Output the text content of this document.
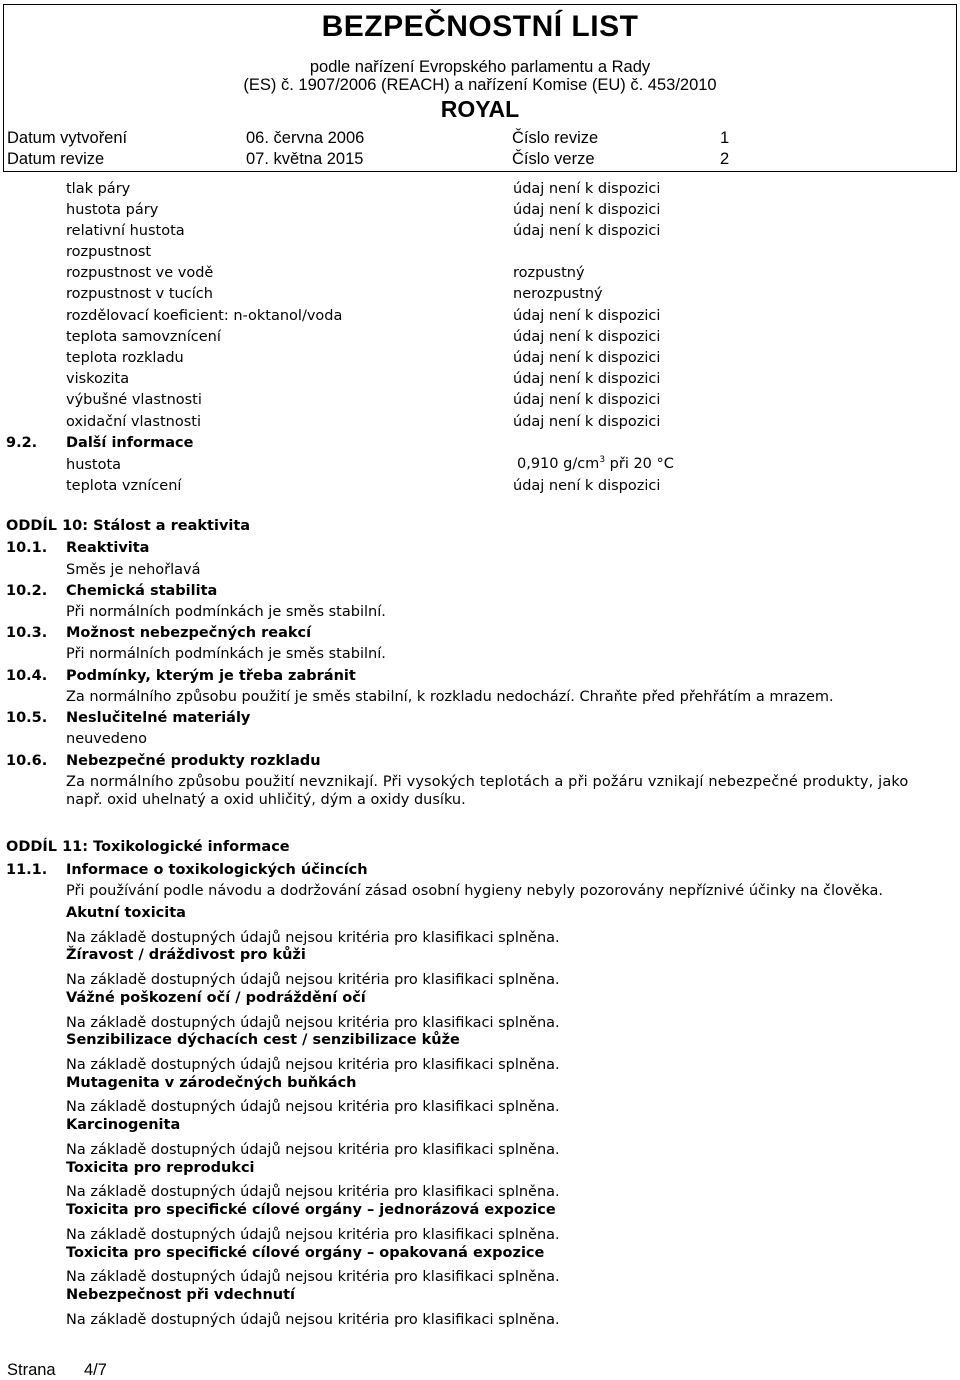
BEZPEČNOSTNÍ LIST
podle nařízení Evropského parlamentu a Rady
(ES) č. 1907/2006 (REACH) a nařízení Komise (EU) č. 453/2010
ROYAL
Datum vytvoření	06. června 2006	Číslo revize	1
Datum revize	07. května 2015	Číslo verze	2
tlak páry	údaj není k dispozici
hustota páry	údaj není k dispozici
relativní hustota	údaj není k dispozici
rozpustnost
rozpustnost ve vodě	rozpustný
rozpustnost v tucích	nerozpustný
rozdělovací koeficient: n-oktanol/voda	údaj není k dispozici
teplota samovznícení	údaj není k dispozici
teplota rozkladu	údaj není k dispozici
viskozita	údaj není k dispozici
výbušné vlastnosti	údaj není k dispozici
oxidační vlastnosti	údaj není k dispozici
9.2. Další informace
hustota	0,910 $g/cm^3$ při 20 °C
teplota vznícení	údaj není k dispozici
ODDÍL 10: Stálost a reaktivita
10.1. Reaktivita
Směs je nehořlavá
10.2. Chemická stabilita
Při normálních podmínkách je směs stabilní.
10.3. Možnost nebezpečných reakcí
Při normálních podmínkách je směs stabilní.
10.4. Podmínky, kterým je třeba zabránit
Za normálního způsobu použití je směs stabilní, k rozkladu nedochází. Chraňte před přehřátím a mrazem.
10.5. Neslučitelné materiály
neuvedeno
10.6. Nebezpečné produkty rozkladu
Za normálního způsobu použití nevznikají. Při vysokých teplotách a při požáru vznikají nebezpečné produkty, jako
např. oxid uhelnatý a oxid uhličitý, dým a oxidy dusíku.
ODDÍL 11: Toxikologické informace
11.1. Informace o toxikologických účincích
Při používání podle návodu a dodržování zásad osobní hygieny nebyly pozorovány nepříznivé účinky na člověka.
Akutní toxicita
Na základě dostupných údajů nejsou kritéria pro klasifikaci splněna.
Žíravost / dráždivost pro kůži
Na základě dostupných údajů nejsou kritéria pro klasifikaci splněna.
Vážné poškození očí / podráždění očí
Na základě dostupných údajů nejsou kritéria pro klasifikaci splněna.
Senzibilizace dýchacích cest / senzibilizace kůže
Na základě dostupných údajů nejsou kritéria pro klasifikaci splněna.
Mutagenita v zárodečných buňkách
Na základě dostupných údajů nejsou kritéria pro klasifikaci splněna.
Karcinogenita
Na základě dostupných údajů nejsou kritéria pro klasifikaci splněna.
Toxicita pro reprodukci
Na základě dostupných údajů nejsou kritéria pro klasifikaci splněna.
Toxicita pro specifické cílové orgány – jednorázová expozice
Na základě dostupných údajů nejsou kritéria pro klasifikaci splněna.
Toxicita pro specifické cílové orgány – opakovaná expozice
Na základě dostupných údajů nejsou kritéria pro klasifikaci splněna.
Nebezpečnost při vdechnutí
Na základě dostupných údajů nejsou kritéria pro klasifikaci splněna.
Strana 4/7
